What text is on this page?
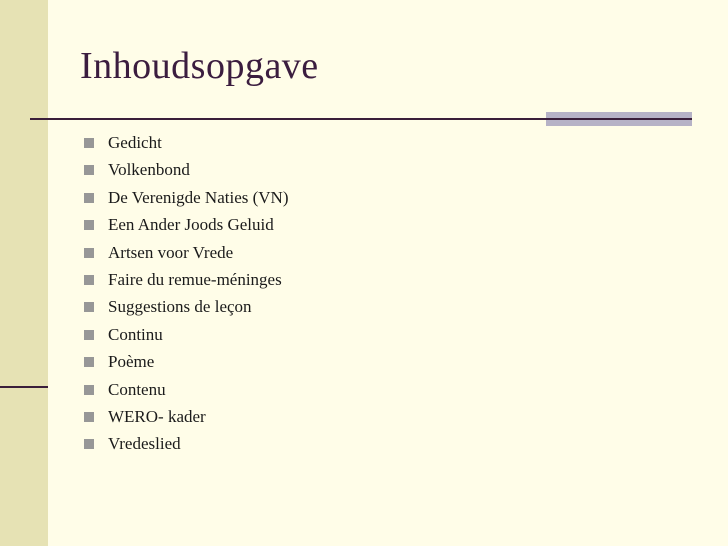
Inhoudsopgave
Gedicht
Volkenbond
De Verenigde Naties (VN)
Een Ander Joods Geluid
Artsen voor Vrede
Faire du remue-méninges
Suggestions de leçon
Continu
Poème
Contenu
WERO- kader
Vredeslied
